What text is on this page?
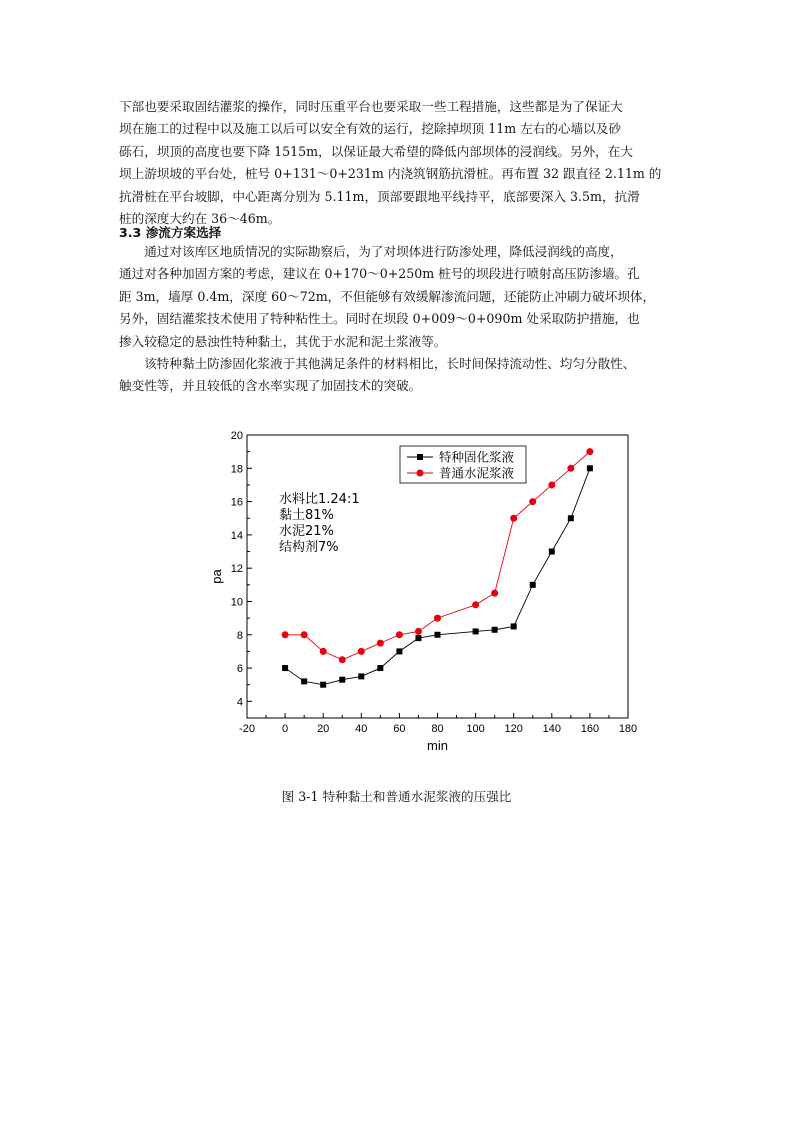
下部也要采取固结灌浆的操作，同时压重平台也要采取一些工程措施，这些都是为了保证大
坝在施工的过程中以及施工以后可以安全有效的运行，挖除掉坝顶 11m 左右的心墙以及砂
砾石，坝顶的高度也要下降 1515m，以保证最大希望的降低内部坝体的浸润线。另外，在大
坝上游坝坡的平台处，桩号 0+131～0+231m 内浇筑钢筋抗滑桩。再布置 32 跟直径 2.11m 的
抗滑桩在平台坡脚，中心距离分别为 5.11m，顶部要跟地平线持平，底部要深入 3.5m，抗滑
桩的深度大约在 36～46m。
3.3 渗流方案选择
　　通过对该库区地质情况的实际勘察后，为了对坝体进行防渗处理，降低浸润线的高度，
通过对各种加固方案的考虑，建议在 0+170～0+250m 桩号的坝段进行喷射高压防渗墙。孔
距 3m，墙厚 0.4m，深度 60～72m，不但能够有效缓解渗流问题，还能防止冲刷力破坏坝体，
另外，固结灌浆技术使用了特种粘性土。同时在坝段 0+009～0+090m 处采取防护措施，也
掺入较稳定的悬浊性特种黏土，其优于水泥和泥土浆液等。
　　该特种黏土防渗固化浆液于其他满足条件的材料相比，长时间保持流动性、均匀分散性、
触变性等，并且较低的含水率实现了加固技术的突破。
-20 0	20 40 60 80 100 120 140 160 180
4
6
8
10
12
14
16
18
20
min
pa
特种固化浆液
普通水泥浆液
水料比1.24:1
黏土81%
水泥21%
结构剂7%
图 3-1 特种黏土和普通水泥浆液的压强比
